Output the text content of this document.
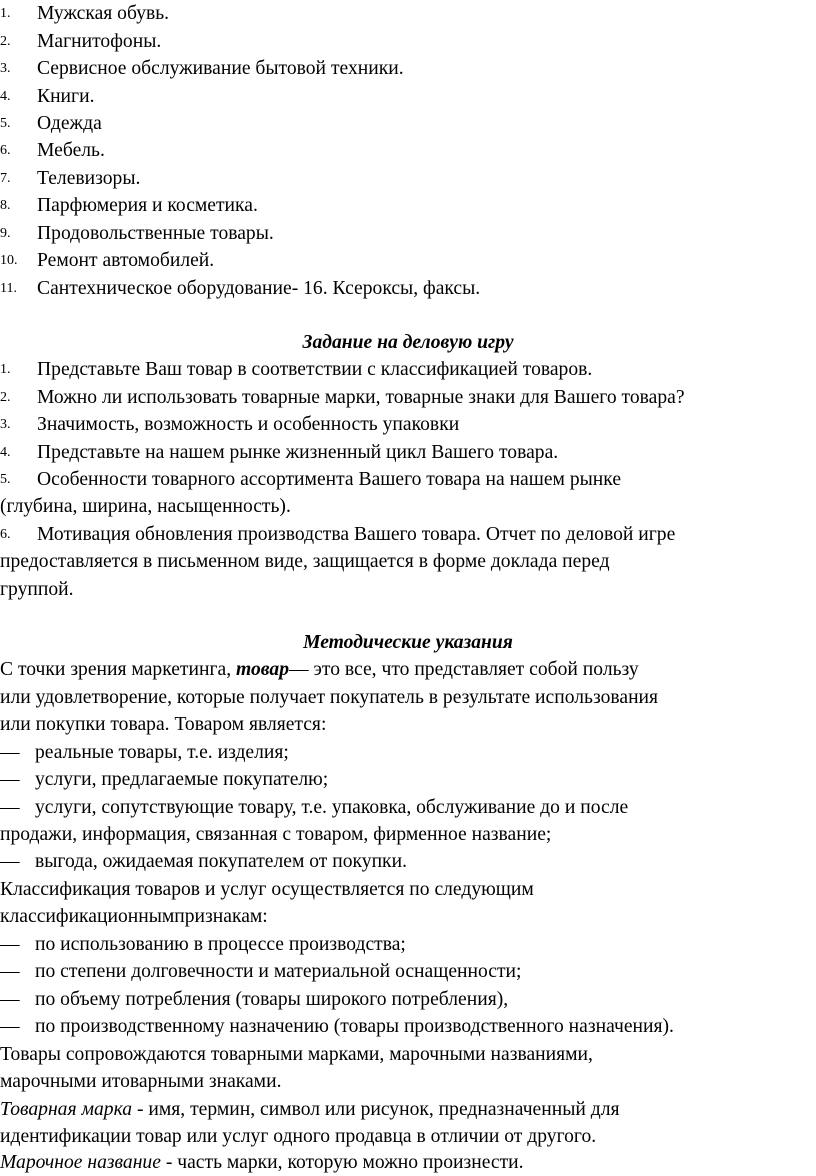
1.	Мужская обувь.
2.	Магнитофоны.
3.	Сервисное обслуживание бытовой техники.
4.	Книги.
5.	Одежда
6.	Мебель.
7.	Телевизоры.
8.	Парфюмерия и косметика.
9.	Продовольственные товары.
10. Ремонт автомобилей.
11.	Сантехническое оборудование- 16. Ксероксы, факсы.
Задание на деловую игру
1.	Представьте Ваш товар в соответствии с классификацией товаров.
2.	Можно ли использовать товарные марки, товарные знаки для Вашего товара?
3.	Значимость, возможность и особенность упаковки
4.	Представьте на нашем рынке жизненный цикл Вашего товара.
5.	Особенности товарного ассортимента Вашего товара на нашем рынке
(глубина, ширина, насыщенность).
6.	Мотивация обновления производства Вашего товара. Отчет по деловой игре
предоставляется в письменном виде, защищается в форме доклада перед
группой.
Методические указания
С точки зрения маркетинга, товар— это все, что представляет собой пользу
или удовлетворение, которые получает покупатель в результате использования
или покупки товара. Товаром является:
— реальные товары, т.е. изделия;
— услуги, предлагаемые покупателю;
— услуги, сопутствующие товару, т.е. упаковка, обслуживание до и после
продажи, информация, связанная с товаром, фирменное название;
— выгода, ожидаемая покупателем от покупки.
Классификация товаров и услуг осуществляется по следующим
классификационнымпризнакам:
— по использованию в процессе производства;
— по степени долговечности и материальной оснащенности;
— по объему потребления (товары широкого потребления),
— по производственному назначению (товары производственного назначения).
Товары сопровождаются товарными марками, марочными названиями,
марочными итоварными знаками.
Товарная марка - имя, термин, символ или рисунок, предназначенный для
идентификации товар или услуг одного продавца в отличии от другого.
Марочное название - часть марки, которую можно произнести.
